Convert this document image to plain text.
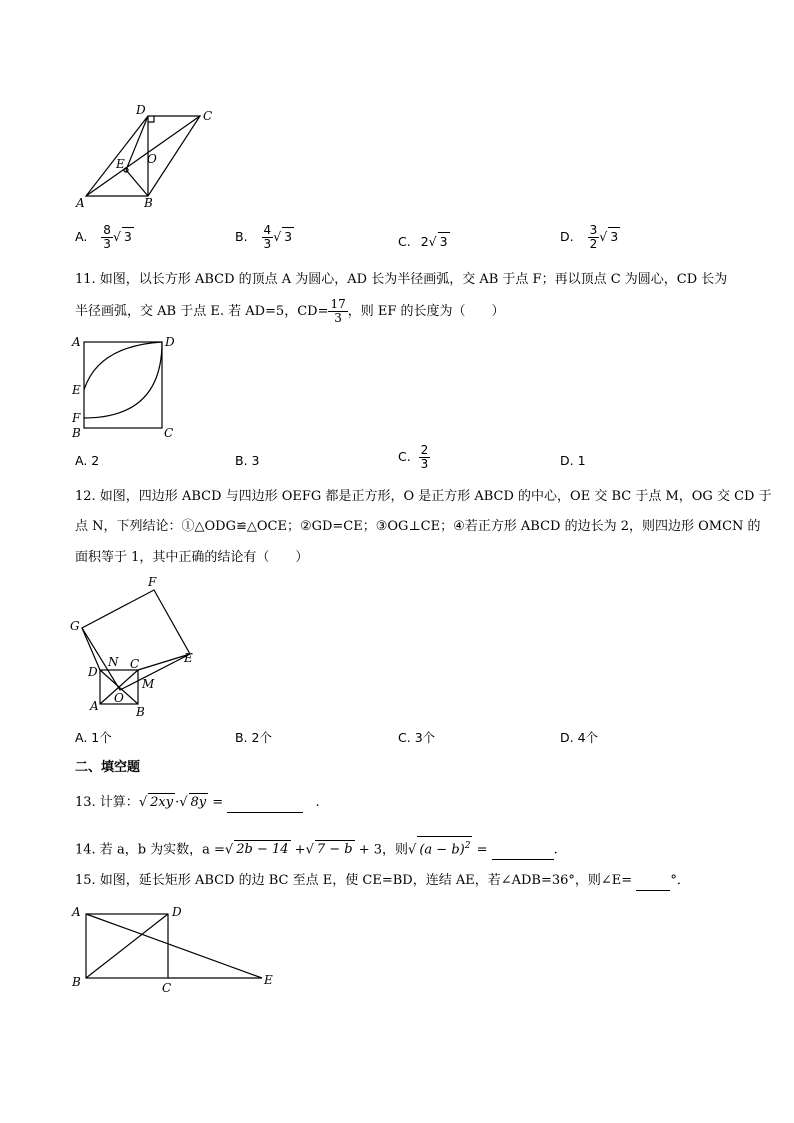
D	C
O
E
A	B
A. $\frac{8}{3}$ √ 3	B. $\frac{4}{3}$ √ 3	C. 2√ 3	D. $\frac{3}{2}$ √ 3
11. 如图，以长方形 ABCD 的顶点 A 为圆心，AD 长为半径画弧，交 AB 于点 F；再以顶点 C 为圆心，CD 长为
半径画弧，交 AB 于点 E. 若 AD=5，$CD= \frac{17}{3}$ ，则 EF 的长度为（　　）
A	D
E
F
B	C
A. 2	B. 3	C. $\frac{2}{3}$	D. 1
12. 如图，四边形 ABCD 与四边形 OEFG 都是正方形，O 是正方形 ABCD 的中心，OE 交 BC 于点 M，OG 交 CD 于
点 N，下列结论：①△ODG≌△OCE；②GD=CE；③OG⊥CE；④若正方形 ABCD 的边长为 2，则四边形 OMCN 的
面积等于 1，其中正确的结论有（　　）
F
G
E
N C
D
M
O
A	B
A. 1个	B. 2个	C. 3个	D. 4个
二、填空题
13. 计算：√ 2xy ·√ 8y =	.
14. 若 a，b 为实数，a =√ 2b − 14 +√ 7 − b + 3，则√ $(a - b)^2$ =	.
15. 如图，延长矩形 ABCD 的边 BC 至点 E，使 CE=BD，连结 AE，若∠ADB=36°，则∠E=	°．
A	D
B	C
E
